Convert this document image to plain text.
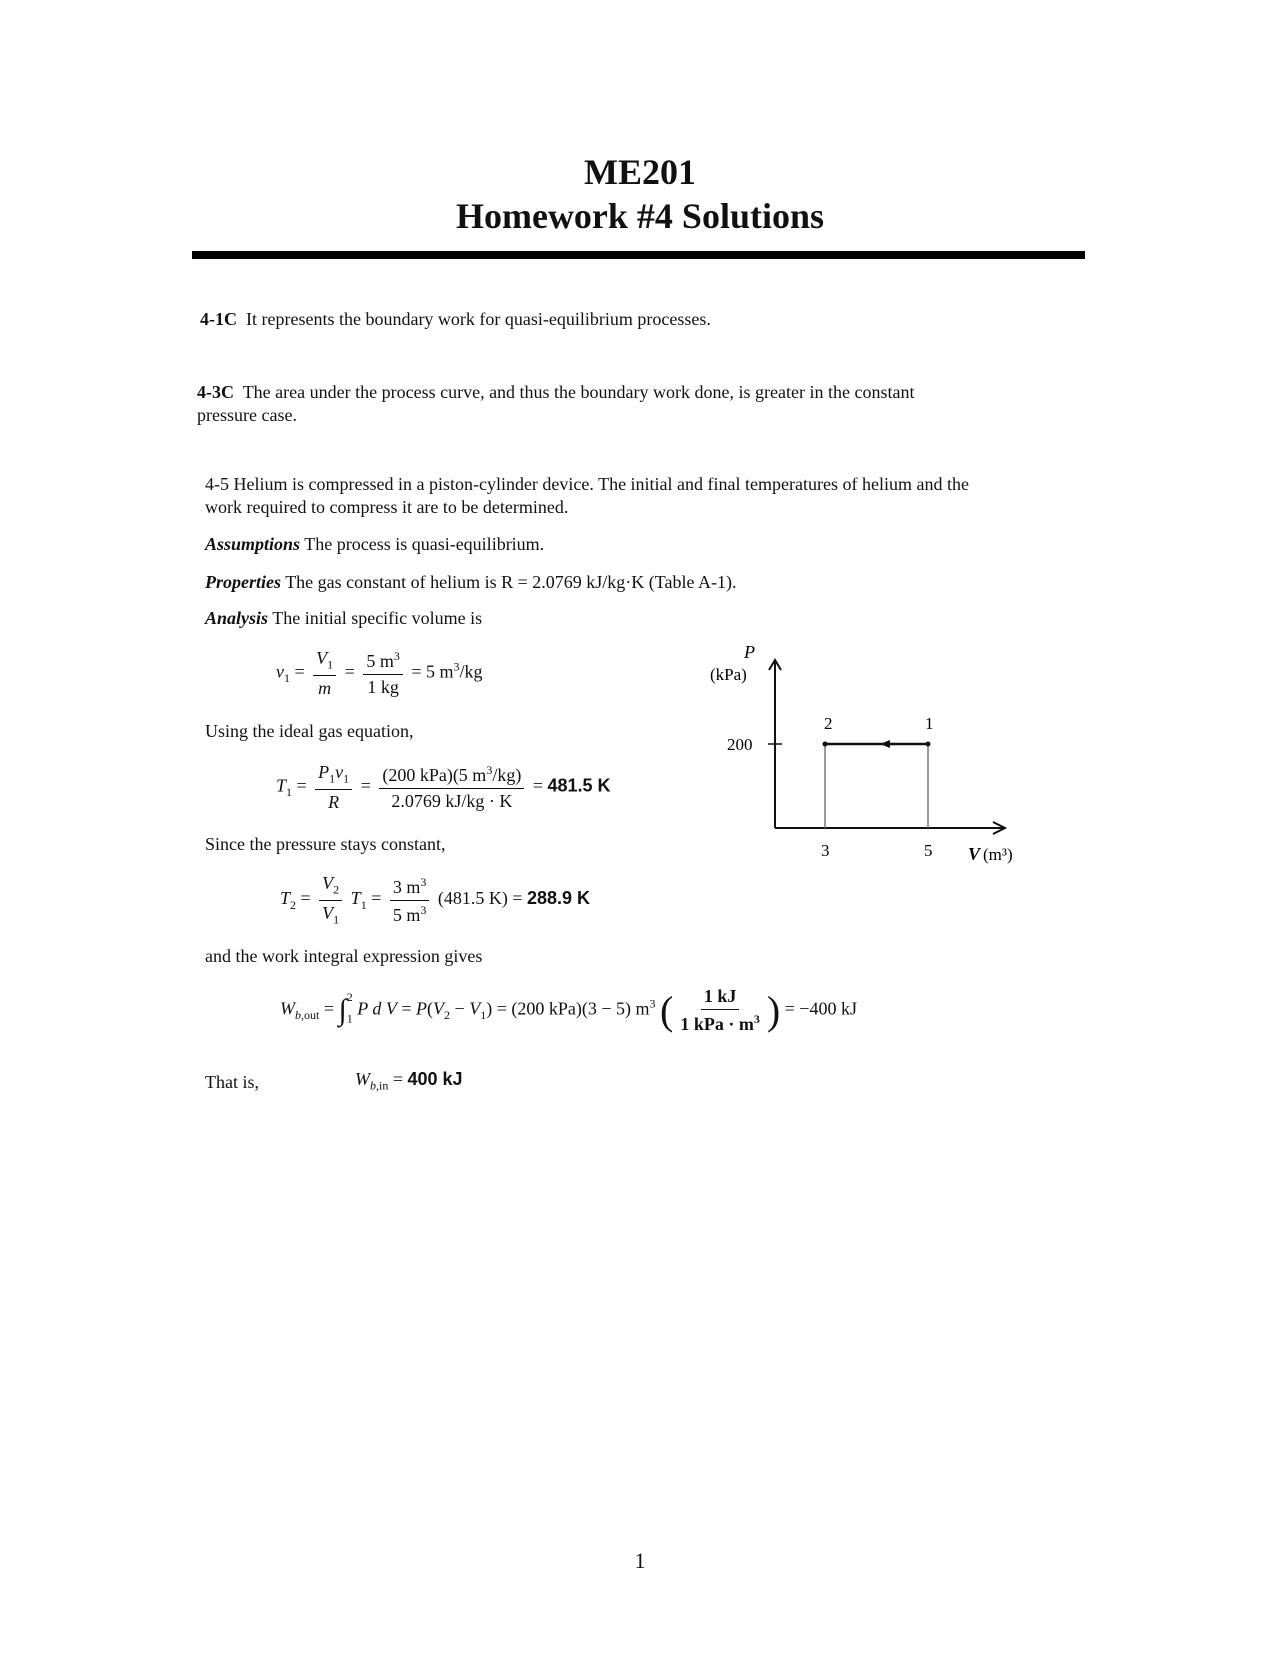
ME201
Homework #4 Solutions
4-1C It represents the boundary work for quasi-equilibrium processes.
4-3C The area under the process curve, and thus the boundary work done, is greater in the constant
pressure case.
4-5 Helium is compressed in a piston-cylinder device. The initial and final temperatures of helium and the
work required to compress it are to be determined.
Assumptions The process is quasi-equilibrium.
Properties The gas constant of helium is R = 2.0769 kJ/kg·K (Table A-1).
Analysis The initial specific volume is
$v_1 = \frac{V_1}{m} = \frac{5 m^3}{1 kg} = 5$ $m^3/kg$
Using the ideal gas equation,
$T_1 = \frac{P_1v_1}{R} = \frac{(200 kPa)(5 m^3/kg)}{2.0769 kJ/kg \cdot K} = 481.5$ K
Since the pressure stays constant,
$T_2 = \frac{V_2}{V_1} T_1 = \frac{3 m^3}{5 m^3} (481.5$ K) = 288.9 K
and the work integral expression gives
$W_{b,out} = \int_1^2$ P d $V = P(V_2 - V_1) = (200$ kPa)(3 − 5) $m^3$ ( $\frac{1 kJ}{1 kPa \cdot m^3}$ ) = −400 kJ
That is,	$W_{b,in} = 400$ kJ
P
(kPa)
200
3	5
2	1
V (m³)
1
